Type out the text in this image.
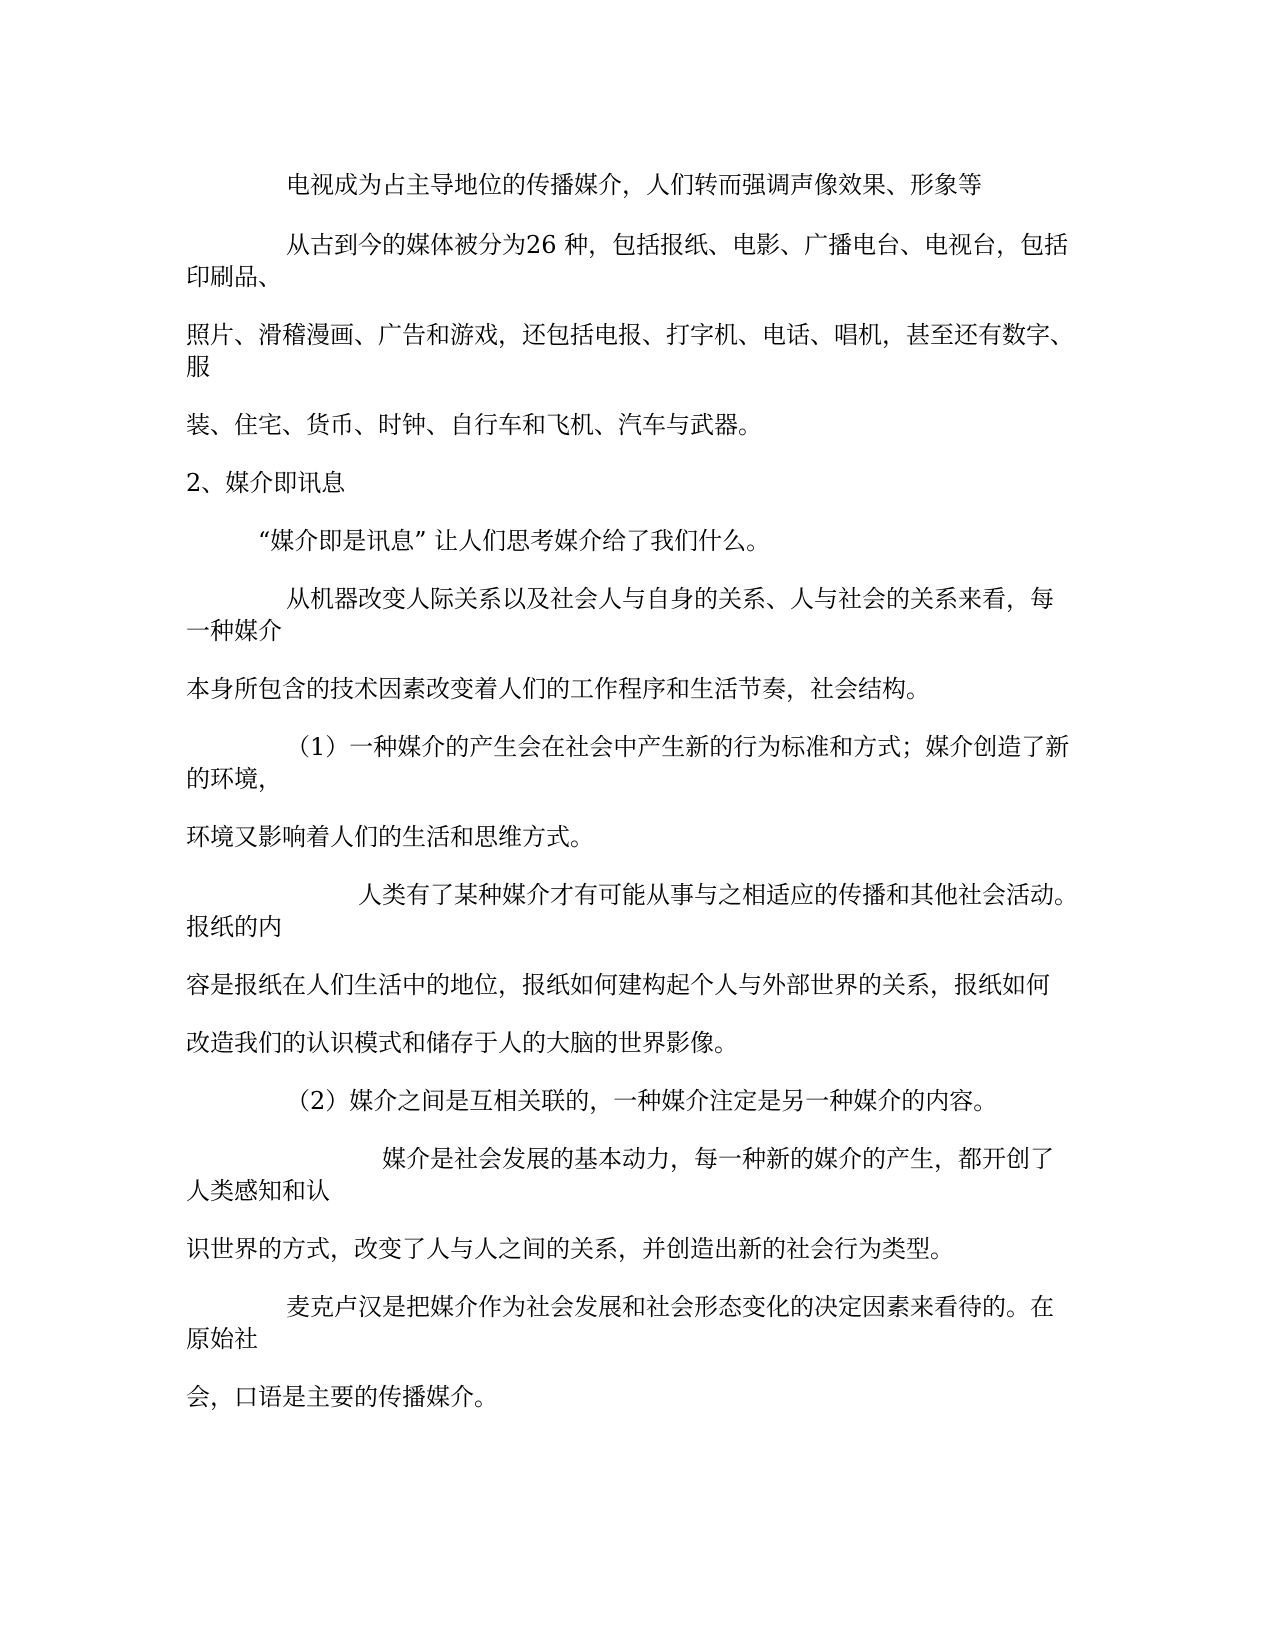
电视成为占主导地位的传播媒介，人们转而强调声像效果、形象等
从古到今的媒体被分为26 种，包括报纸、电影、广播电台、电视台，包括
印刷品、
照片、滑稽漫画、广告和游戏，还包括电报、打字机、电话、唱机，甚至还有数字、
服
装、住宅、货币、时钟、自行车和飞机、汽车与武器。
2、媒介即讯息
“媒介即是讯息” 让人们思考媒介给了我们什么。
从机器改变人际关系以及社会人与自身的关系、人与社会的关系来看，每
一种媒介
本身所包含的技术因素改变着人们的工作程序和生活节奏，社会结构。
（1）一种媒介的产生会在社会中产生新的行为标准和方式；媒介创造了新
的环境，
环境又影响着人们的生活和思维方式。
人类有了某种媒介才有可能从事与之相适应的传播和其他社会活动。
报纸的内
容是报纸在人们生活中的地位，报纸如何建构起个人与外部世界的关系，报纸如何
改造我们的认识模式和储存于人的大脑的世界影像。
（2）媒介之间是互相关联的，一种媒介注定是另一种媒介的内容。
媒介是社会发展的基本动力，每一种新的媒介的产生，都开创了
人类感知和认
识世界的方式，改变了人与人之间的关系，并创造出新的社会行为类型。
麦克卢汉是把媒介作为社会发展和社会形态变化的决定因素来看待的。在
原始社
会，口语是主要的传播媒介。
